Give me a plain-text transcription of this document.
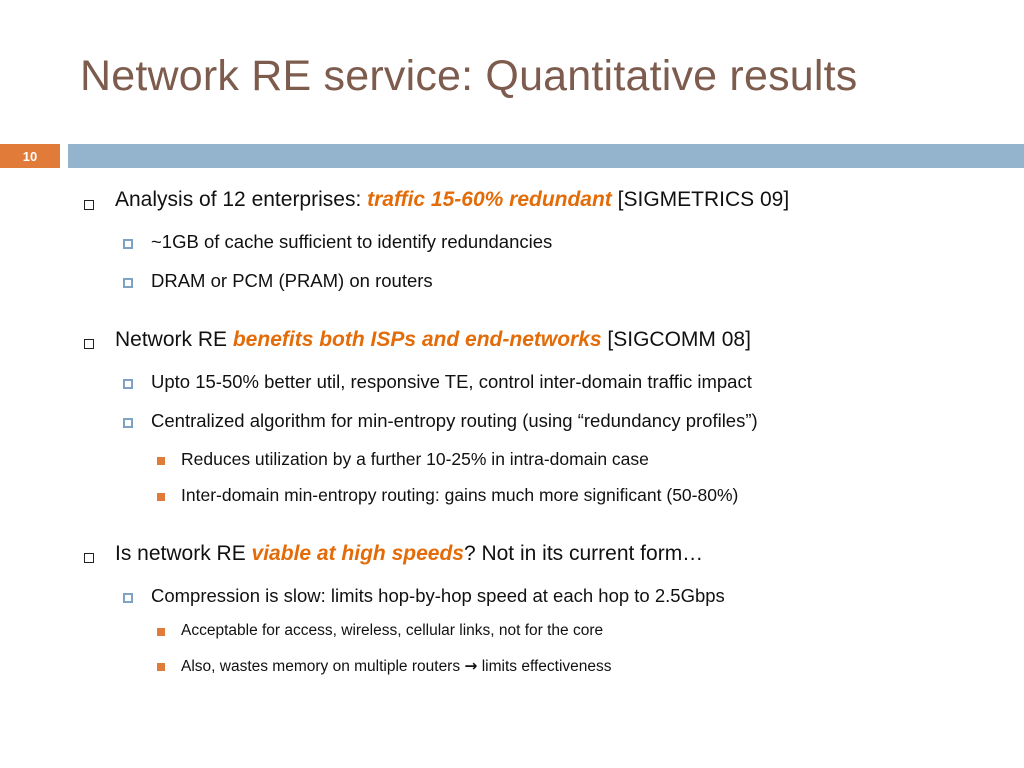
Network RE service: Quantitative results
10
Analysis of 12 enterprises: traffic 15-60% redundant [SIGMETRICS 09]
~1GB of cache sufficient to identify redundancies
DRAM or PCM (PRAM) on routers
Network RE benefits both ISPs and end-networks [SIGCOMM 08]
Upto 15-50% better util, responsive TE, control inter-domain traffic impact
Centralized algorithm for min-entropy routing (using “redundancy profiles”)
Reduces utilization by a further 10-25% in intra-domain case
Inter-domain min-entropy routing: gains much more significant (50-80%)
Is network RE viable at high speeds? Not in its current form…
Compression is slow: limits hop-by-hop speed at each hop to 2.5Gbps
Acceptable for access, wireless, cellular links, not for the core
Also, wastes memory on multiple routers → limits effectiveness
